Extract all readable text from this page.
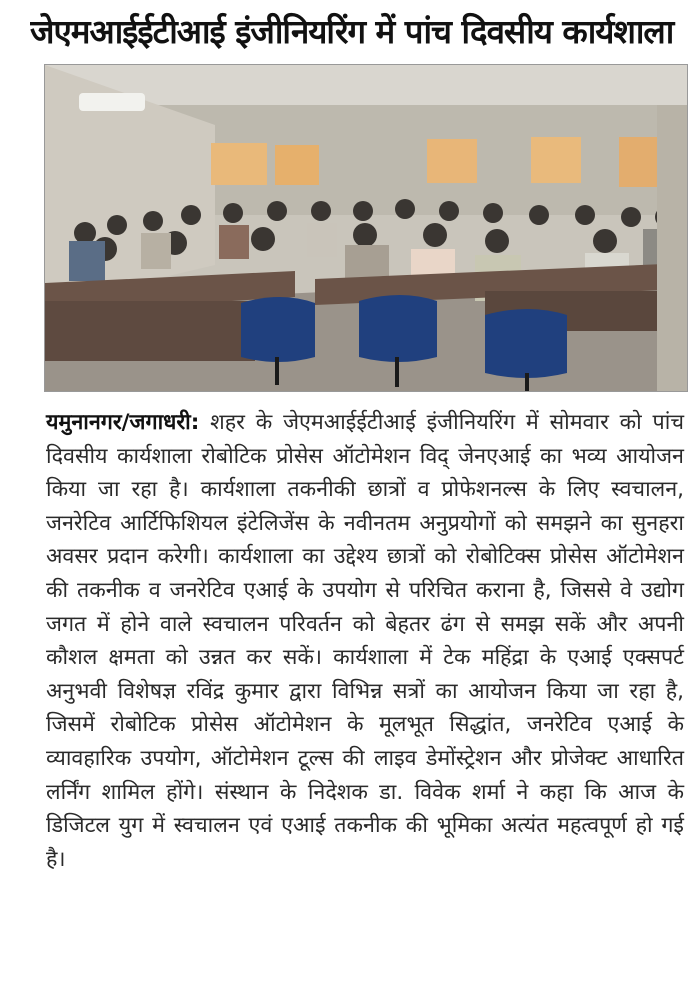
जेएमआईईटीआई इंजीनियरिंग में पांच दिवसीय कार्यशाला

यमुनानगर/जगाधरी: शहर के जेएमआईईटीआई इंजीनियरिंग में सोमवार को पांच दिवसीय कार्यशाला रोबोटिक प्रोसेस ऑटोमेशन विद् जेनएआई का भव्य आयोजन किया जा रहा है। कार्यशाला तकनीकी छात्रों व प्रोफेशनल्स के लिए स्वचालन, जनरेटिव आर्टिफिशियल इंटेलिजेंस के नवीनतम अनुप्रयोगों को समझने का सुनहरा अवसर प्रदान करेगी। कार्यशाला का उद्देश्य छात्रों को रोबोटिक्स प्रोसेस ऑटोमेशन की तकनीक व जनरेटिव एआई के उपयोग से परिचित कराना है, जिससे वे उद्योग जगत में होने वाले स्वचालन परिवर्तन को बेहतर ढंग से समझ सकें और अपनी कौशल क्षमता को उन्नत कर सकें। कार्यशाला में टेक महिंद्रा के एआई एक्सपर्ट अनुभवी विशेषज्ञ रविंद्र कुमार द्वारा विभिन्न सत्रों का आयोजन किया जा रहा है, जिसमें रोबोटिक प्रोसेस ऑटोमेशन के मूलभूत सिद्धांत, जनरेटिव एआई के व्यावहारिक उपयोग, ऑटोमेशन टूल्स की लाइव डेमोंस्ट्रेशन और प्रोजेक्ट आधारित लर्निंग शामिल होंगे। संस्थान के निदेशक डा. विवेक शर्मा ने कहा कि आज के डिजिटल युग में स्वचालन एवं एआई तकनीक की भूमिका अत्यंत महत्वपूर्ण हो गई है।
